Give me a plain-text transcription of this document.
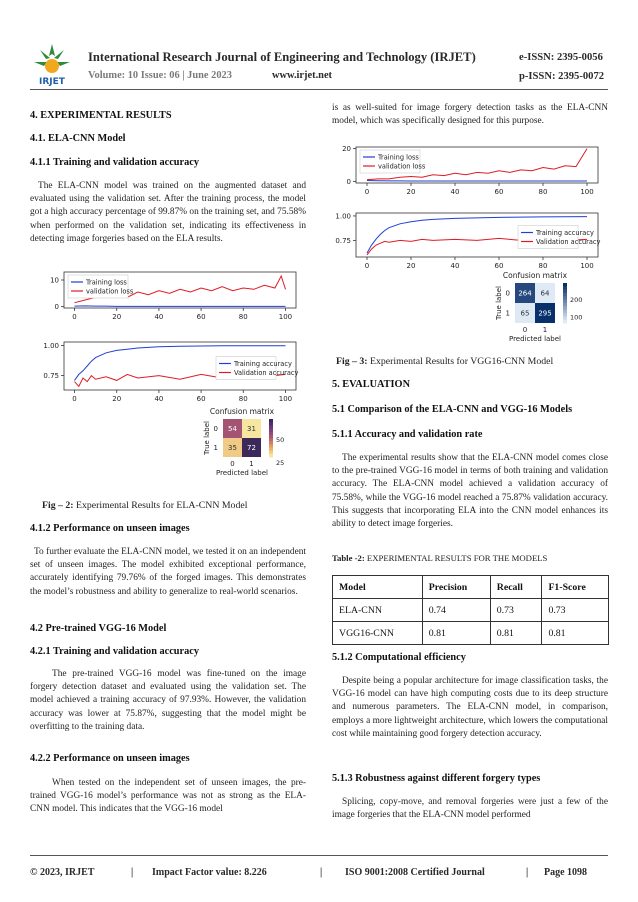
IRJET
International Research Journal of Engineering and Technology (IRJET)	e-ISSN: 2395-0056
Volume: 10 Issue: 06 | June 2023	www.irjet.net	p-ISSN: 2395-0072
4. EXPERIMENTAL RESULTS
4.1. ELA-CNN Model
4.1.1 Training and validation accuracy

The ELA-CNN model was trained on the augmented dataset and evaluated using the validation set. After the training process, the model got a high accuracy percentage of 99.87% on the training set, and 75.58% when performed on the validation set, indicating its effectiveness in detecting image forgeries based on the ELA results.

0	20	40	60	80	100
0
10	Training loss
validation loss
0	20	40	60	80	100
0.75
1.00
Training accuracy
Validation accuracy
Confusion matrix
54 31
35 72
0
1
0 1
Predicted label
True label
25
50
Fig – 2: Experimental Results for ELA-CNN Model
4.1.2 Performance on unseen images

To further evaluate the ELA-CNN model, we tested it on an independent set of unseen images. The model exhibited exceptional performance, accurately identifying 79.76% of the forged images. This demonstrates the model’s robustness and ability to generalize to real-world scenarios.

4.2 Pre-trained VGG-16 Model
4.2.1 Training and validation accuracy

The pre-trained VGG-16 model was fine-tuned on the image forgery detection dataset and evaluated using the validation set. The model achieved a training accuracy of 97.93%. However, the validation accuracy was lower at 75.87%, suggesting that the model might be overfitting to the training data.

4.2.2 Performance on unseen images

When tested on the independent set of unseen images, the pre-trained VGG-16 model’s performance was not as strong as the ELA-CNN model. This indicates that the VGG-16 model

is as well-suited for image forgery detection tasks as the ELA-CNN model, which was specifically designed for this purpose.

0	20	40	60	80	100
0
20
Training loss
validation loss
0	20	40	60	80	100
0.75
1.00
Training accuracy
Validation accuracy
Confusion matrix
264 64
65 295
0
1
0 1
Predicted label
True label	100
200
Fig – 3: Experimental Results for VGG16-CNN Model
5. EVALUATION
5.1 Comparison of the ELA-CNN and VGG-16 Models
5.1.1 Accuracy and validation rate

The experimental results show that the ELA-CNN model comes close to the pre-trained VGG-16 model in terms of both training and validation accuracy. The ELA-CNN model achieved a validation accuracy of 75.58%, while the VGG-16 model reached a 75.87% validation accuracy. This suggests that incorporating ELA into the CNN model enhances its ability to detect image forgeries.

Table -2: EXPERIMENTAL RESULTS FOR THE MODELS
Model	Precision	Recall	F1-Score
ELA-CNN	0.74	0.73	0.73
VGG16-CNN	0.81	0.81	0.81
5.1.2 Computational efficiency

Despite being a popular architecture for image classification tasks, the VGG-16 model can have high computing costs due to its deep structure and numerous parameters. The ELA-CNN model, in comparison, employs a more lightweight architecture, which lowers the computational cost while maintaining good forgery detection accuracy.

5.1.3 Robustness against different forgery types

Splicing, copy-move, and removal forgeries were just a few of the image forgeries that the ELA-CNN model performed

© 2023, IRJET	| Impact Factor value: 8.226	| ISO 9001:2008 Certified Journal	| Page 1098
